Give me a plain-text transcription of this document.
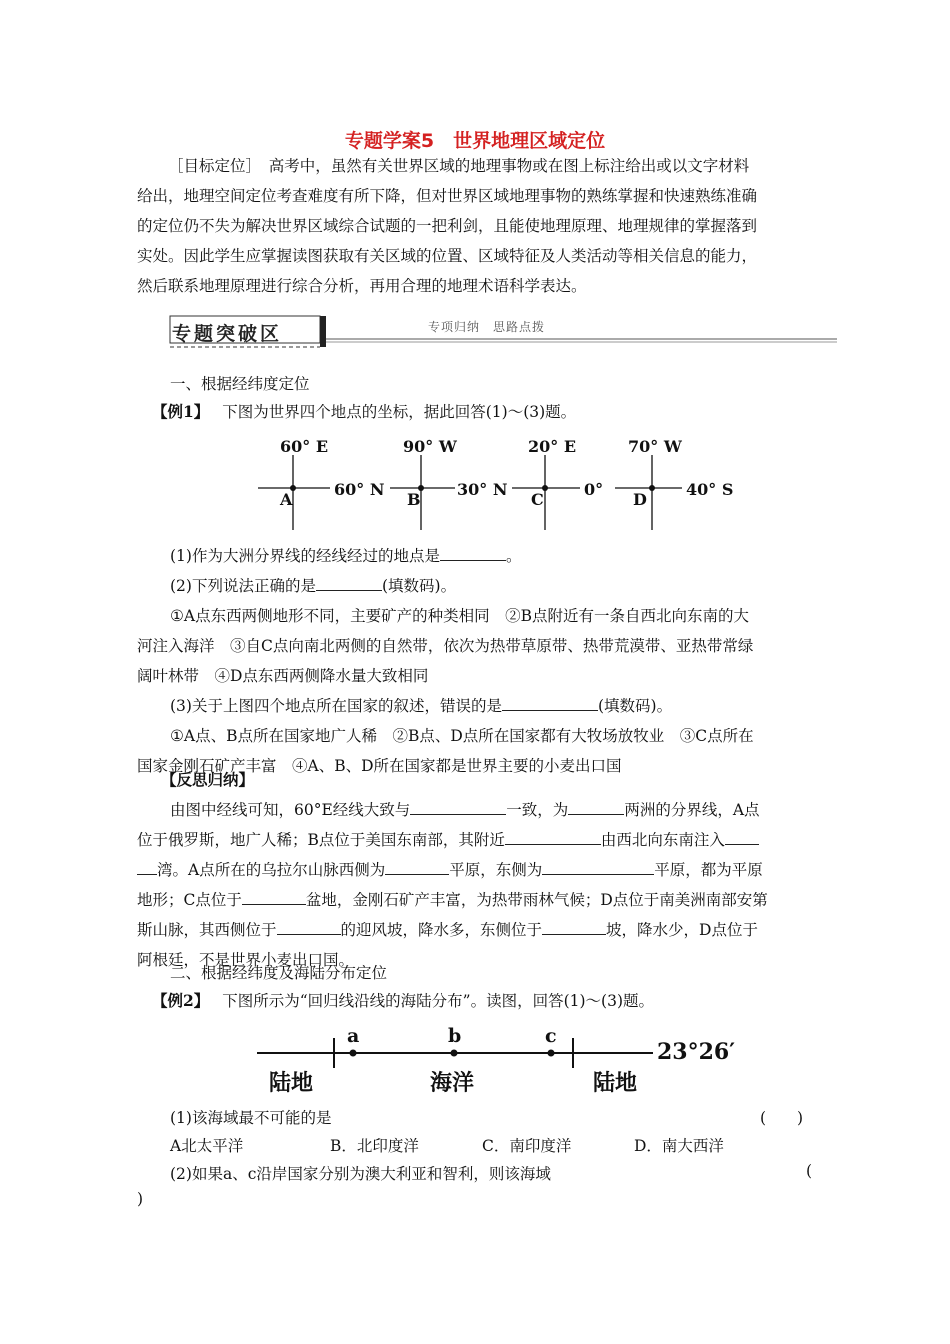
专题学案5　世界地理区域定位
［目标定位］　高考中，虽然有关世界区域的地理事物或在图上标注给出或以文字材料
给出，地理空间定位考查难度有所下降，但对世界区域地理事物的熟练掌握和快速熟练准确
的定位仍不失为解决世界区域综合试题的一把利剑，且能使地理原理、地理规律的掌握落到
实处。因此学生应掌握读图获取有关区域的位置、区域特征及人类活动等相关信息的能力，
然后联系地理原理进行综合分析，再用合理的地理术语科学表达。
专题突破区	专项归纳　思路点拨
一、根据经纬度定位
【例1】 下图为世界四个地点的坐标，据此回答(1)～(3)题。
60° E
60° N
A
90° W
30° N
B
20° E
0°
C
70° W
40° S
D
(1)作为大洲分界线的经线经过的地点是	。
(2)下列说法正确的是	(填数码)。
①A点东西两侧地形不同，主要矿产的种类相同　②B点附近有一条自西北向东南的大
河注入海洋　③自C点向南北两侧的自然带，依次为热带草原带、热带荒漠带、亚热带常绿
阔叶林带　④D点东西两侧降水量大致相同
(3)关于上图四个地点所在国家的叙述，错误的是	(填数码)。
①A点、B点所在国家地广人稀　②B点、D点所在国家都有大牧场放牧业　③C点所在
国家金刚石矿产丰富　④A、B、D所在国家都是世界主要的小麦出口国
【反思归纳】
由图中经线可知，60°E经线大致与	一致，为	两洲的分界线，A点
位于俄罗斯，地广人稀；B点位于美国东南部，其附近	由西北向东南注入
湾。A点所在的乌拉尔山脉西侧为	平原，东侧为	平原，都为平原
地形；C点位于	盆地，金刚石矿产丰富，为热带雨林气候；D点位于南美洲南部安第
斯山脉，其西侧位于	的迎风坡，降水多，东侧位于	坡，降水少，D点位于
阿根廷，不是世界小麦出口国。
二、根据经纬度及海陆分布定位
【例2】 下图所示为“回归线沿线的海陆分布”。读图，回答(1)～(3)题。
a	b	c
23°26′
陆地	海洋	陆地
(1)该海域最不可能的是	(　　)
A北太平洋	B．北印度洋	C．南印度洋	D．南大西洋
(2)如果a、c沿岸国家分别为澳大利亚和智利，则该海域	(
)
